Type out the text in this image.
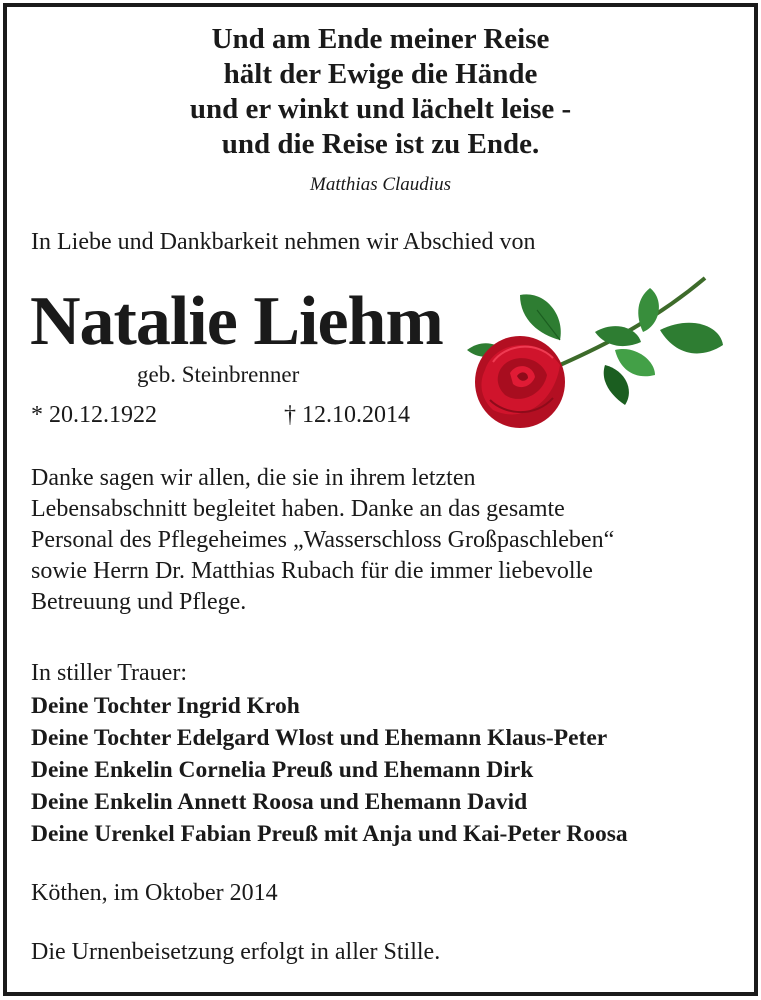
Und am Ende meiner Reise
hält der Ewige die Hände
und er winkt und lächelt leise -
und die Reise ist zu Ende.
Matthias Claudius
In Liebe und Dankbarkeit nehmen wir Abschied von
Natalie Liehm
geb. Steinbrenner
* 20.12.1922	† 12.10.2014
Danke sagen wir allen, die sie in ihrem letzten
Lebensabschnitt begleitet haben. Danke an das gesamte
Personal des Pflegeheimes „Wasserschloss Großpaschleben“
sowie Herrn Dr. Matthias Rubach für die immer liebevolle
Betreuung und Pflege.
In stiller Trauer:
Deine Tochter Ingrid Kroh
Deine Tochter Edelgard Wlost und Ehemann Klaus-Peter
Deine Enkelin Cornelia Preuß und Ehemann Dirk
Deine Enkelin Annett Roosa und Ehemann David
Deine Urenkel Fabian Preuß mit Anja und Kai-Peter Roosa
Köthen, im Oktober 2014
Die Urnenbeisetzung erfolgt in aller Stille.
